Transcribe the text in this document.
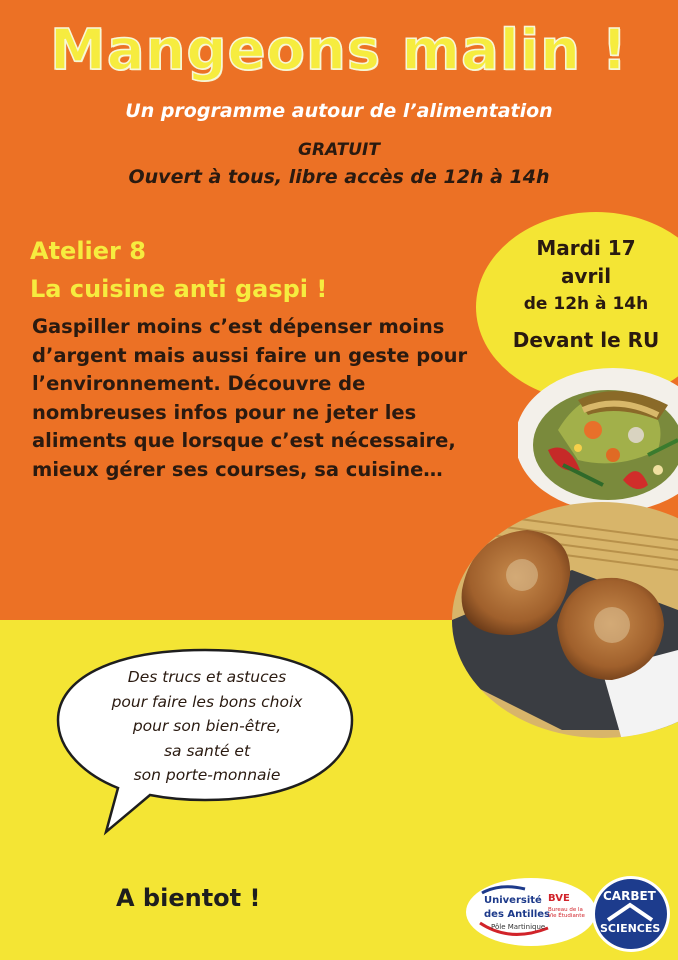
Mangeons malin !
Un programme autour de l’alimentation
GRATUIT
Ouvert à tous, libre accès de 12h à 14h
Atelier 8
La cuisine anti gaspi !
Gaspiller moins c’est dépenser moins d’argent mais aussi faire un geste pour l’environnement. Découvre de nombreuses infos pour ne jeter les aliments que lorsque c’est nécessaire, mieux gérer ses courses, sa cuisine…
Mardi 17
avril
de 12h à 14h
Devant le RU
Des trucs et astuces
pour faire les bons choix
pour son bien-être,
sa santé et
son porte-monnaie
A bientot !	Université
des Antilles
Pôle Martinique
BVE
Bureau de la Vie Étudiante
CARBET
SCIENCES
